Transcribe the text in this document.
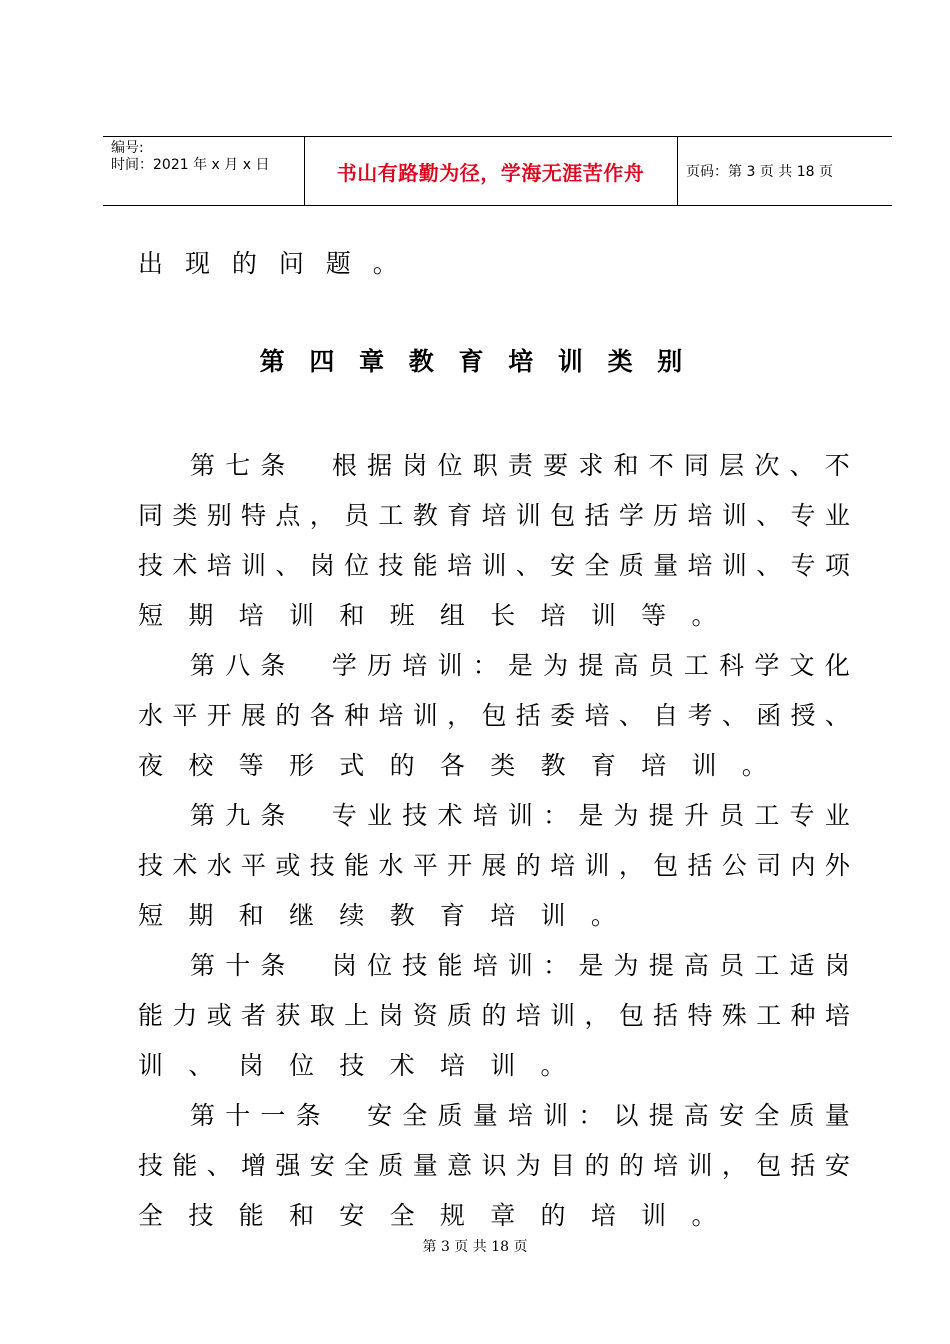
编号:
时间：2021 年 x 月 x 日	书山有路勤为径，学海无涯苦作舟	页码：第 3 页 共 18 页
出 现 的 问 题 。
第 四 章 教 育 培 训 类 别
第 七 条

根 据 岗 位 职 责 要 求 和 不 同 层 次 、 不
同 类 别 特 点 ， 员 工 教 育 培 训 包 括 学 历 培 训 、 专 业
技 术 培 训 、 岗 位 技 能 培 训 、 安 全 质 量 培 训 、 专 项
短 期 培 训 和 班 组 长 培 训 等 。
第 八 条

学 历 培 训 ： 是 为 提 高 员 工 科 学 文 化
水 平 开 展 的 各 种 培 训 ， 包 括 委 培 、 自 考 、 函 授 、
夜 校 等 形 式 的 各 类 教 育 培 训 。
第 九 条

专 业 技 术 培 训 ： 是 为 提 升 员 工 专 业
技 术 水 平 或 技 能 水 平 开 展 的 培 训 ， 包 括 公 司 内 外
短 期 和 继 续 教 育 培 训 。
第 十 条

岗 位 技 能 培 训 ： 是 为 提 高 员 工 适 岗
能 力 或 者 获 取 上 岗 资 质 的 培 训 ， 包 括 特 殊 工 种 培
训 、 岗 位 技 术 培 训 。
第 十 一 条

安 全 质 量 培 训 ： 以 提 高 安 全 质 量
技 能 、 增 强 安 全 质 量 意 识 为 目 的 的 培 训 ， 包 括 安
全 技 能 和 安 全 规 章 的 培 训 。
第 3 页 共 18 页
